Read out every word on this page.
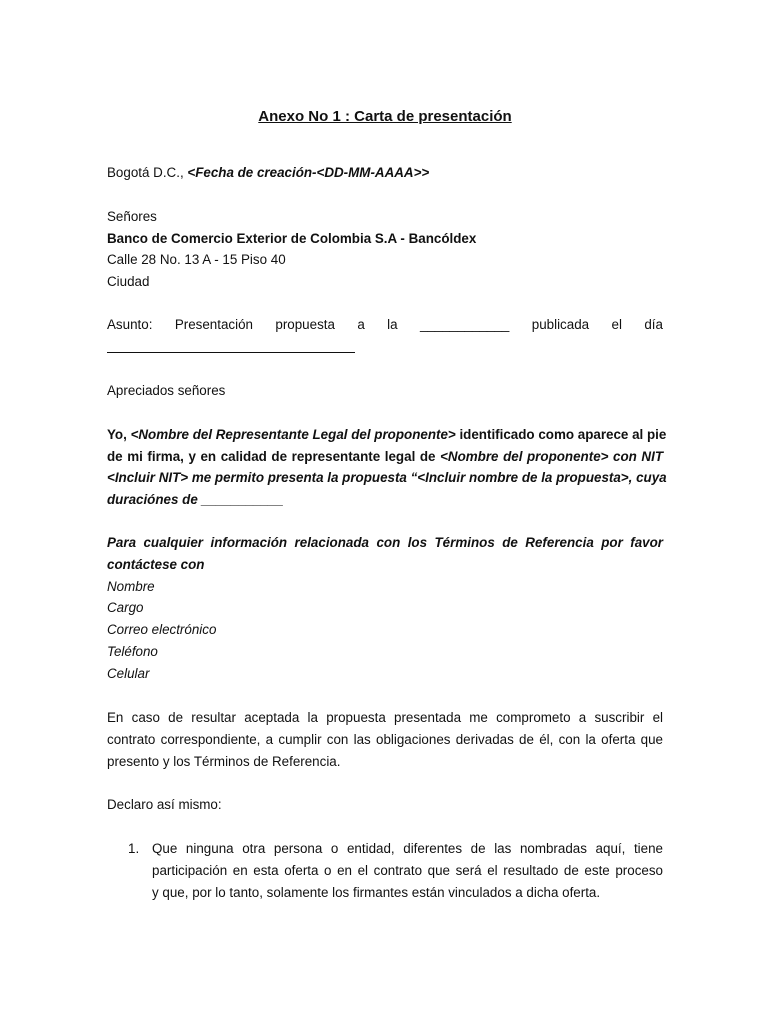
Anexo No 1 : Carta de presentación
Bogotá D.C., <Fecha de creación-<DD-MM-AAAA>>
Señores
Banco de Comercio Exterior de Colombia S.A - Bancóldex
Calle 28 No. 13 A - 15 Piso 40
Ciudad
Asunto: Presentación propuesta a la ____________ publicada el día
Apreciados señores
Yo, <Nombre del Representante Legal del proponente> identificado como aparece al pie
de mi firma, y en calidad de representante legal de <Nombre del proponente> con NIT
<Incluir NIT> me permito presenta la propuesta “<Incluir nombre de la propuesta>, cuya
duraciónes de ___________
Para cualquier información relacionada con los Términos de Referencia por favor
contáctese con
Nombre
Cargo
Correo electrónico
Teléfono
Celular
En caso de resultar aceptada la propuesta presentada me comprometo a suscribir el
contrato correspondiente, a cumplir con las obligaciones derivadas de él, con la oferta que
presento y los Términos de Referencia.
Declaro así mismo:
1. Que ninguna otra persona o entidad, diferentes de las nombradas aquí, tiene
participación en esta oferta o en el contrato que será el resultado de este proceso
y que, por lo tanto, solamente los firmantes están vinculados a dicha oferta.
